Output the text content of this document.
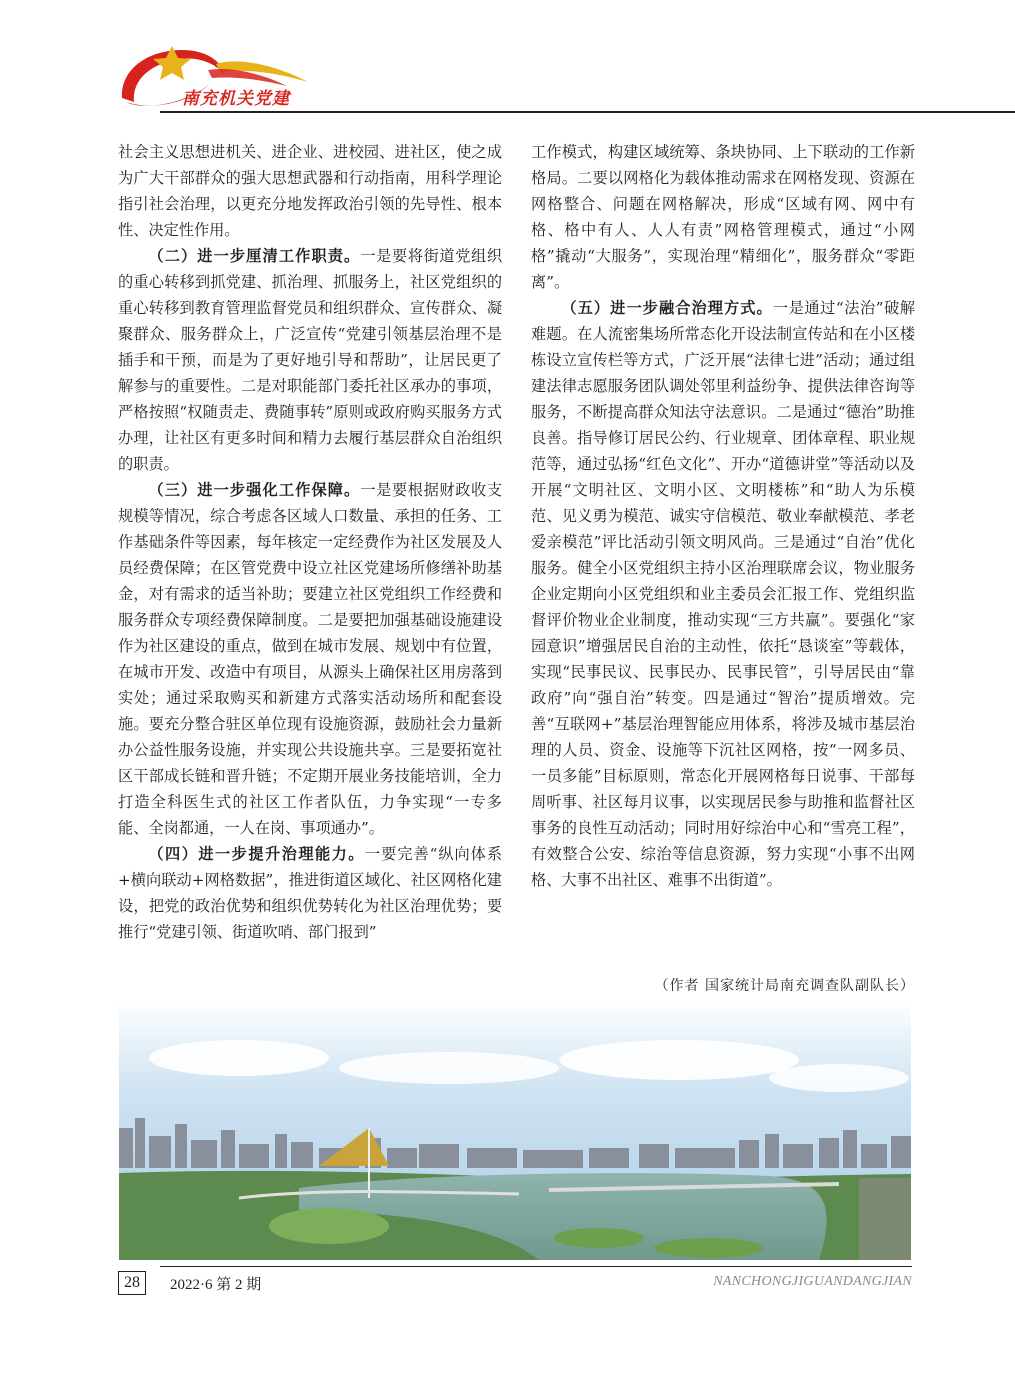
南充机关党建

社会主义思想进机关、进企业、进校园、进社区，使之成为广大干部群众的强大思想武器和行动指南，用科学理论指引社会治理，以更充分地发挥政治引领的先导性、根本性、决定性作用。

（二）进一步厘清工作职责。一是要将街道党组织的重心转移到抓党建、抓治理、抓服务上，社区党组织的重心转移到教育管理监督党员和组织群众、宣传群众、凝聚群众、服务群众上，广泛宣传“党建引领基层治理不是插手和干预，而是为了更好地引导和帮助”，让居民更了解参与的重要性。二是对职能部门委托社区承办的事项，严格按照“权随责走、费随事转”原则或政府购买服务方式办理，让社区有更多时间和精力去履行基层群众自治组织的职责。

（三）进一步强化工作保障。一是要根据财政收支规模等情况，综合考虑各区域人口数量、承担的任务、工作基础条件等因素，每年核定一定经费作为社区发展及人员经费保障；在区管党费中设立社区党建场所修缮补助基金，对有需求的适当补助；要建立社区党组织工作经费和服务群众专项经费保障制度。二是要把加强基础设施建设作为社区建设的重点，做到在城市发展、规划中有位置，在城市开发、改造中有项目，从源头上确保社区用房落到实处；通过采取购买和新建方式落实活动场所和配套设施。要充分整合驻区单位现有设施资源，鼓励社会力量新办公益性服务设施，并实现公共设施共享。三是要拓宽社区干部成长链和晋升链；不定期开展业务技能培训，全力打造全科医生式的社区工作者队伍，力争实现“一专多能、全岗都通，一人在岗、事项通办”。

（四）进一步提升治理能力。一要完善“纵向体系+横向联动+网格数据”，推进街道区域化、社区网格化建设，把党的政治优势和组织优势转化为社区治理优势；要推行“党建引领、街道吹哨、部门报到”

工作模式，构建区域统筹、条块协同、上下联动的工作新格局。二要以网格化为载体推动需求在网格发现、资源在网格整合、问题在网格解决，形成“区域有网、网中有格、格中有人、人人有责”网格管理模式，通过“小网格”撬动“大服务”，实现治理“精细化”，服务群众“零距离”。

（五）进一步融合治理方式。一是通过“法治”破解难题。在人流密集场所常态化开设法制宣传站和在小区楼栋设立宣传栏等方式，广泛开展“法律七进”活动；通过组建法律志愿服务团队调处邻里利益纷争、提供法律咨询等服务，不断提高群众知法守法意识。二是通过“德治”助推良善。指导修订居民公约、行业规章、团体章程、职业规范等，通过弘扬“红色文化”、开办“道德讲堂”等活动以及开展“文明社区、文明小区、文明楼栋”和“助人为乐模范、见义勇为模范、诚实守信模范、敬业奉献模范、孝老爱亲模范”评比活动引领文明风尚。三是通过“自治”优化服务。健全小区党组织主持小区治理联席会议，物业服务企业定期向小区党组织和业主委员会汇报工作、党组织监督评价物业企业制度，推动实现“三方共赢”。要强化“家园意识”增强居民自治的主动性，依托“恳谈室”等载体，实现“民事民议、民事民办、民事民管”，引导居民由“靠政府”向“强自治”转变。四是通过“智治”提质增效。完善“互联网+”基层治理智能应用体系，将涉及城市基层治理的人员、资金、设施等下沉社区网格，按“一网多员、一员多能”目标原则，常态化开展网格每日说事、干部每周听事、社区每月议事，以实现居民参与助推和监督社区事务的良性互动活动；同时用好综治中心和“雪亮工程”，有效整合公安、综治等信息资源，努力实现“小事不出网格、大事不出社区、难事不出街道”。

（作者 国家统计局南充调查队副队长）
28	2022·6 第 2 期	NANCHONGJIGUANDANGJIAN
